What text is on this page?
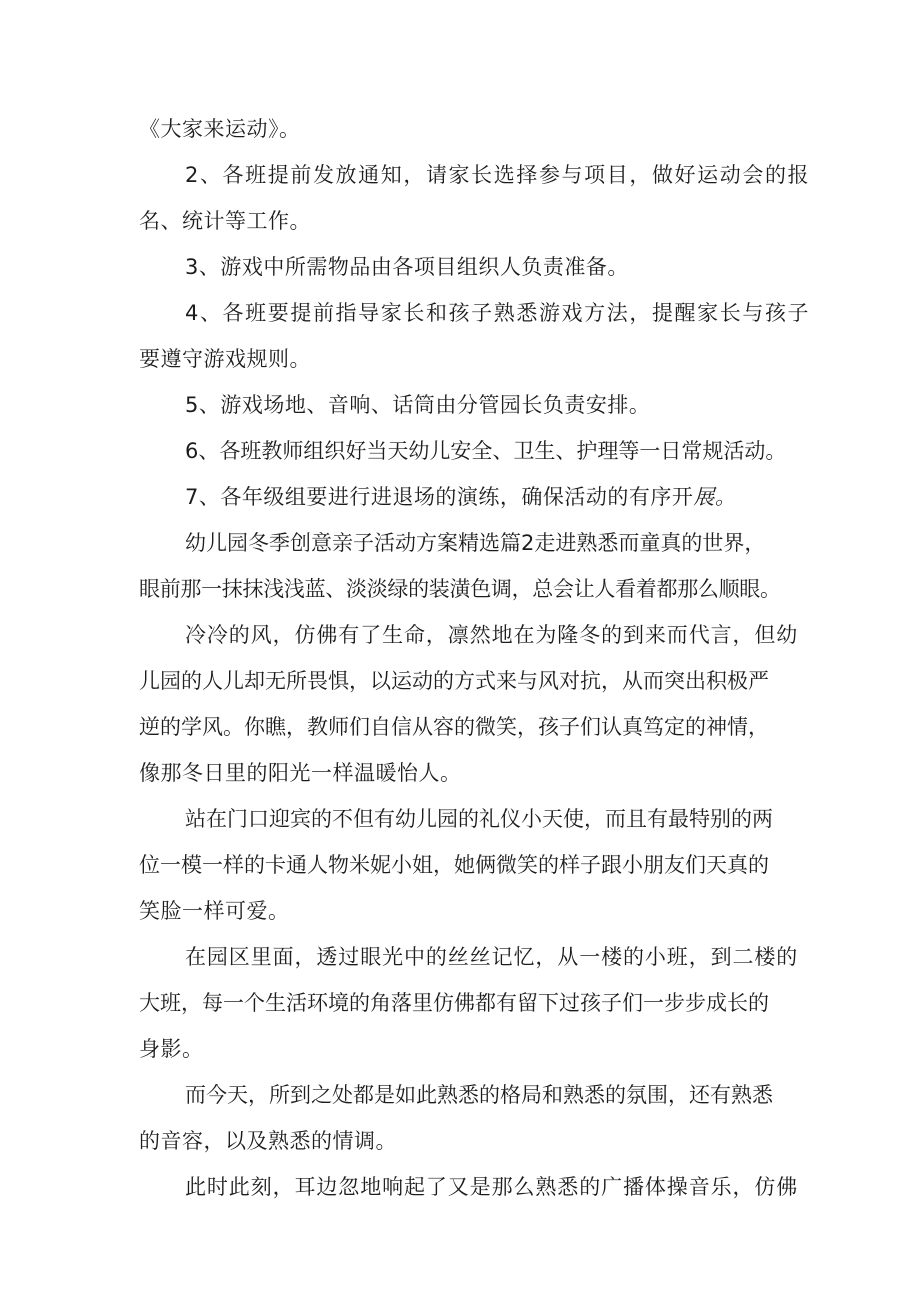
《大家来运动》。
2、各班提前发放通知，请家长选择参与项目，做好运动会的报
名、统计等工作。
3、游戏中所需物品由各项目组织人负责准备。
4、各班要提前指导家长和孩子熟悉游戏方法，提醒家长与孩子
要遵守游戏规则。
5、游戏场地、音响、话筒由分管园长负责安排。
6、各班教师组织好当天幼儿安全、卫生、护理等一日常规活动。
7、各年级组要进行进退场的演练，确保活动的有序开展。
幼儿园冬季创意亲子活动方案精选篇2走进熟悉而童真的世界，
眼前那一抹抹浅浅蓝、淡淡绿的装潢色调，总会让人看着都那么顺眼。
冷冷的风，仿佛有了生命，凛然地在为隆冬的到来而代言，但幼
儿园的人儿却无所畏惧，以运动的方式来与风对抗，从而突出积极严
逆的学风。你瞧，教师们自信从容的微笑，孩子们认真笃定的神情，
像那冬日里的阳光一样温暖怡人。
站在门口迎宾的不但有幼儿园的礼仪小天使，而且有最特别的两
位一模一样的卡通人物米妮小姐，她俩微笑的样子跟小朋友们天真的
笑脸一样可爱。
在园区里面，透过眼光中的丝丝记忆，从一楼的小班，到二楼的
大班，每一个生活环境的角落里仿佛都有留下过孩子们一步步成长的
身影。
而今天，所到之处都是如此熟悉的格局和熟悉的氛围，还有熟悉
的音容，以及熟悉的情调。
此时此刻，耳边忽地响起了又是那么熟悉的广播体操音乐，仿佛
